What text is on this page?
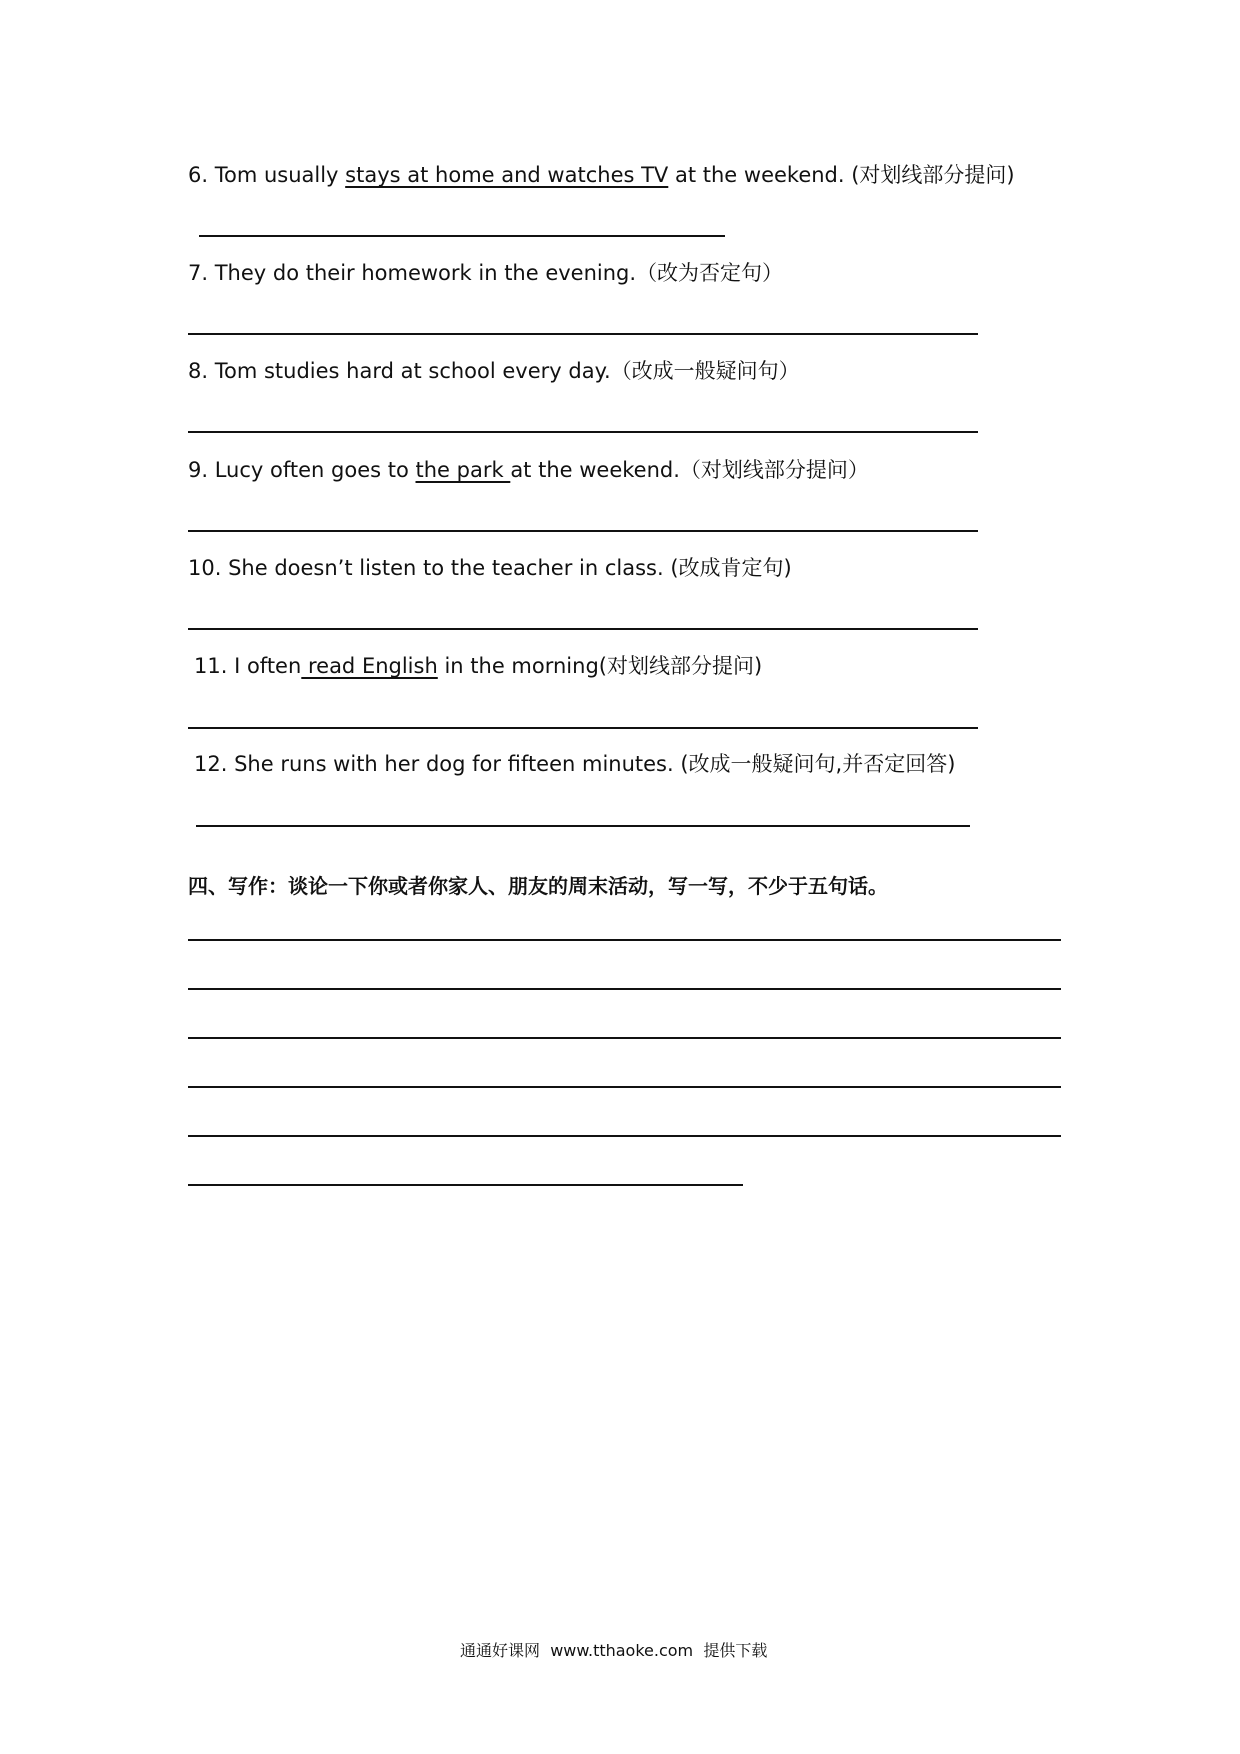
6. Tom usually stays at home and watches TV at the weekend. (对划线部分提问)
7. They do their homework in the evening.（改为否定句）
8. Tom studies hard at school every day.（改成一般疑问句）
9. Lucy often goes to the park at the weekend.（对划线部分提问）
10. She doesn’t listen to the teacher in class. (改成肯定句)
11. I often read English in the morning(对划线部分提问)
12. She runs with her dog for fifteen minutes. (改成一般疑问句,并否定回答)
四、写作：谈论一下你或者你家人、朋友的周末活动，写一写，不少于五句话。
通通好课网 www.tthaoke.com 提供下载
